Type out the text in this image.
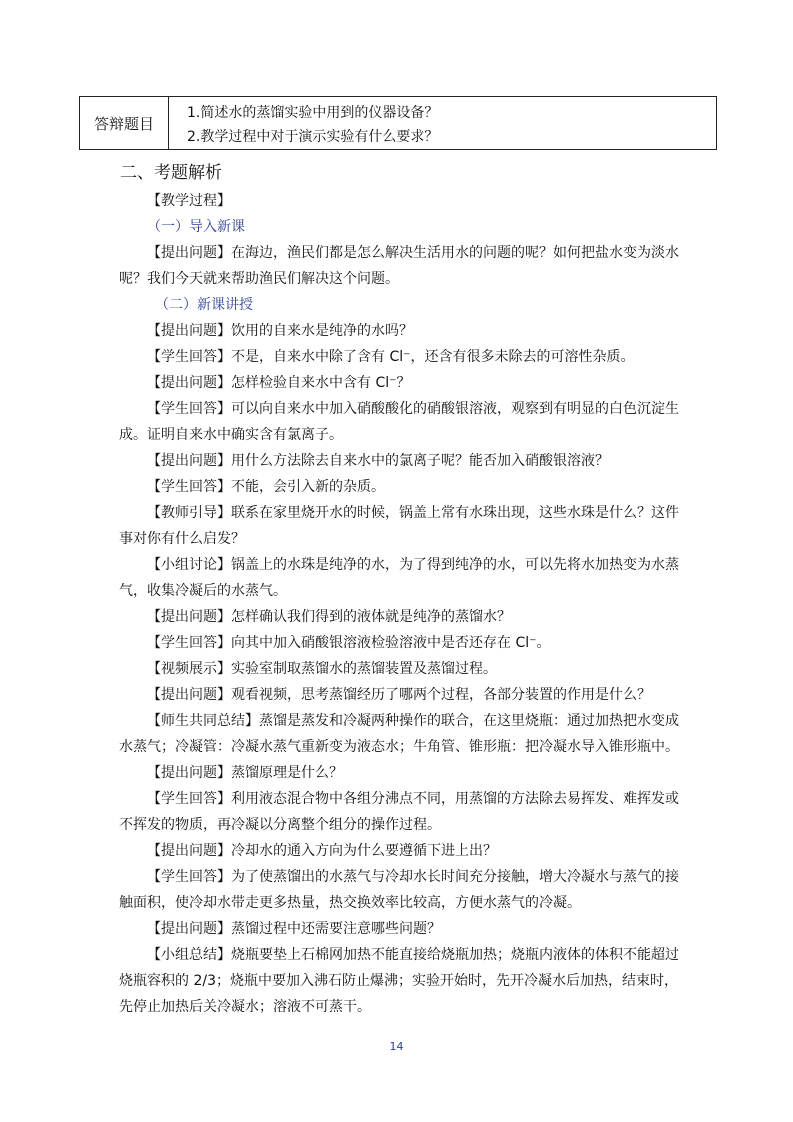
答辩题目
1.简述水的蒸馏实验中用到的仪器设备？
2.教学过程中对于演示实验有什么要求？
二、考题解析
【教学过程】
（一）导入新课
【提出问题】在海边，渔民们都是怎么解决生活用水的问题的呢？如何把盐水变为淡水
呢？我们今天就来帮助渔民们解决这个问题。
（二）新课讲授
【提出问题】饮用的自来水是纯净的水吗？
【学生回答】不是，自来水中除了含有 Cl⁻，还含有很多未除去的可溶性杂质。
【提出问题】怎样检验自来水中含有 Cl⁻？
【学生回答】可以向自来水中加入硝酸酸化的硝酸银溶液，观察到有明显的白色沉淀生
成。证明自来水中确实含有氯离子。
【提出问题】用什么方法除去自来水中的氯离子呢？能否加入硝酸银溶液？
【学生回答】不能，会引入新的杂质。
【教师引导】联系在家里烧开水的时候，锅盖上常有水珠出现，这些水珠是什么？这件
事对你有什么启发？
【小组讨论】锅盖上的水珠是纯净的水，为了得到纯净的水，可以先将水加热变为水蒸
气，收集冷凝后的水蒸气。
【提出问题】怎样确认我们得到的液体就是纯净的蒸馏水？
【学生回答】向其中加入硝酸银溶液检验溶液中是否还存在 Cl⁻。
【视频展示】实验室制取蒸馏水的蒸馏装置及蒸馏过程。
【提出问题】观看视频，思考蒸馏经历了哪两个过程，各部分装置的作用是什么？
【师生共同总结】蒸馏是蒸发和冷凝两种操作的联合，在这里烧瓶：通过加热把水变成
水蒸气；冷凝管：冷凝水蒸气重新变为液态水；牛角管、锥形瓶：把冷凝水导入锥形瓶中。
【提出问题】蒸馏原理是什么？
【学生回答】利用液态混合物中各组分沸点不同，用蒸馏的方法除去易挥发、难挥发或
不挥发的物质，再冷凝以分离整个组分的操作过程。
【提出问题】冷却水的通入方向为什么要遵循下进上出？
【学生回答】为了使蒸馏出的水蒸气与冷却水长时间充分接触，增大冷凝水与蒸气的接
触面积，使冷却水带走更多热量，热交换效率比较高，方便水蒸气的冷凝。
【提出问题】蒸馏过程中还需要注意哪些问题？
【小组总结】烧瓶要垫上石棉网加热不能直接给烧瓶加热；烧瓶内液体的体积不能超过
烧瓶容积的 2/3；烧瓶中要加入沸石防止爆沸；实验开始时，先开冷凝水后加热，结束时，
先停止加热后关冷凝水；溶液不可蒸干。
14
